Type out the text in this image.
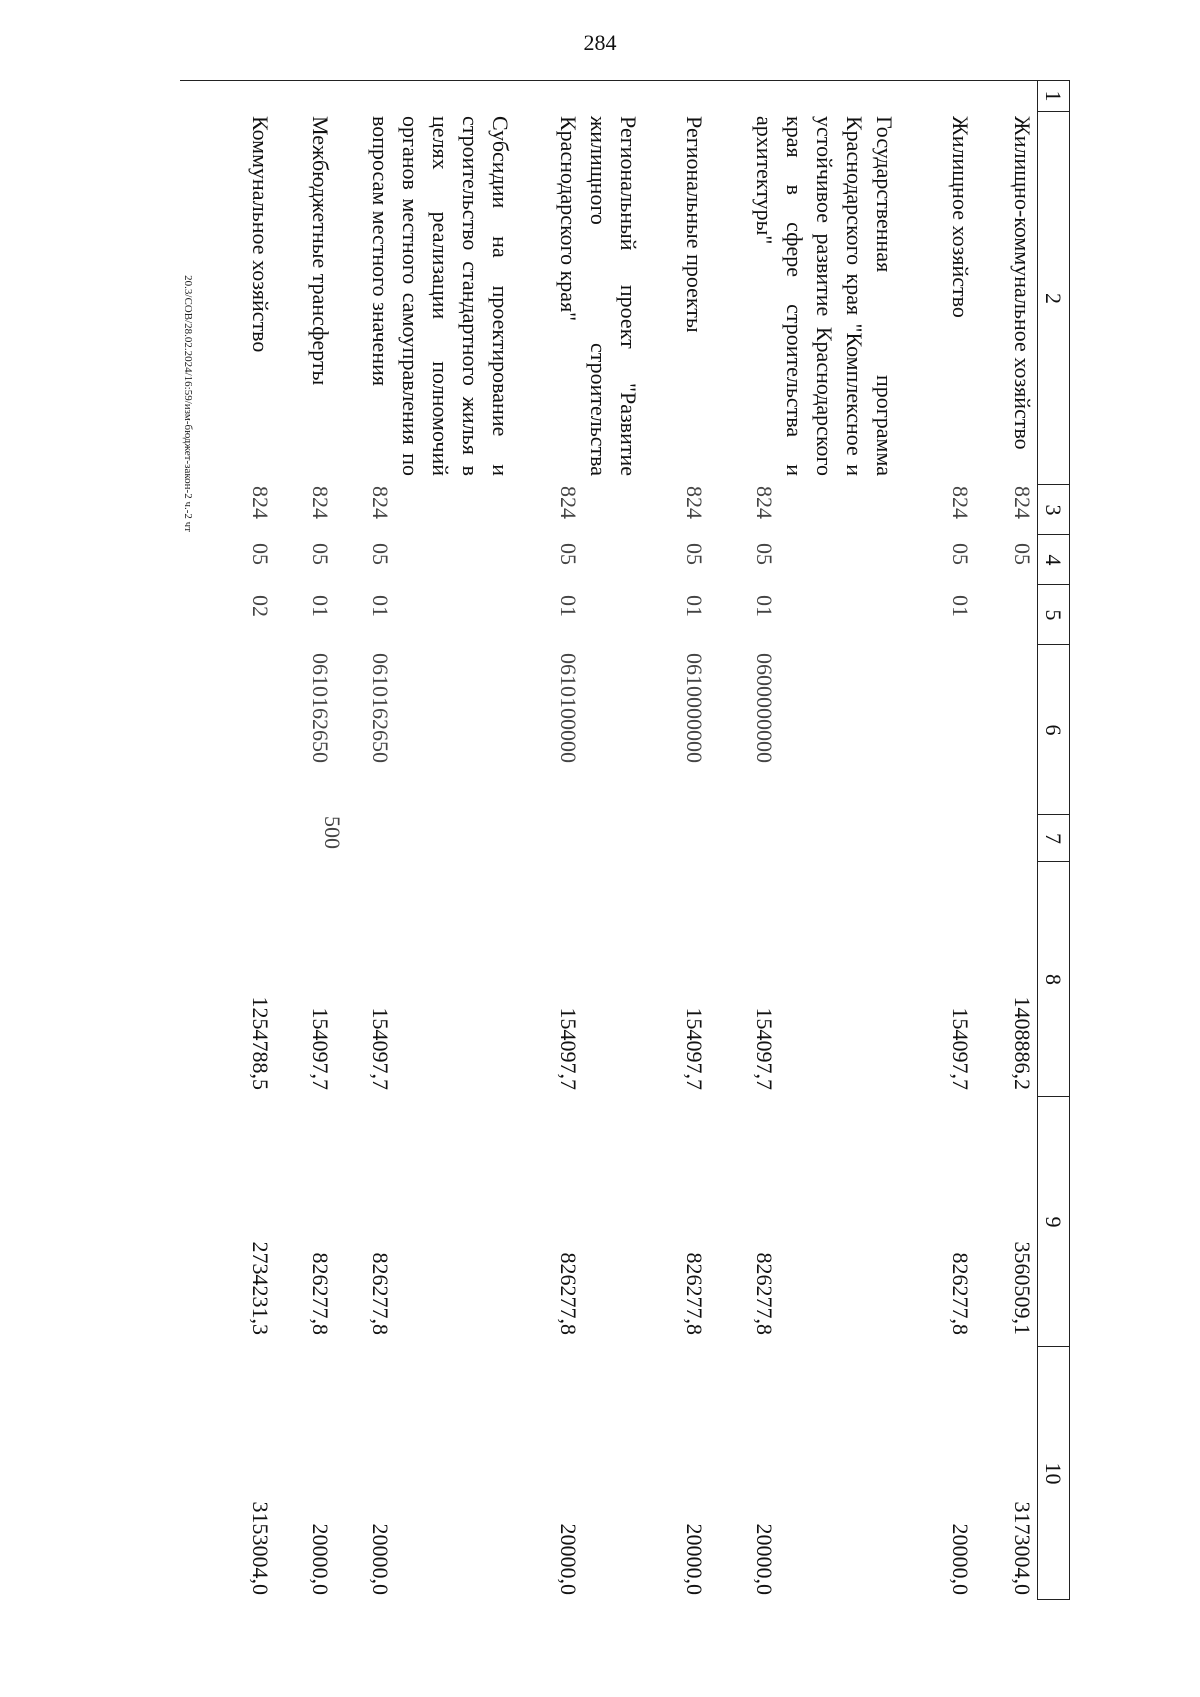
284
1
2
3
4
5
6
7
8
9
10
Жилищно-коммунальное хозяйство
824
05
1408886,2
3560509,1
3173004,0
Жилищное хозяйство
824
05
01
154097,7
826277,8
20000,0
Государственная программа Краснодарского края "Комплексное и устойчивое развитие Краснодарского края в сфере строительства и архитектуры"
824
05
01
0600000000
154097,7
826277,8
20000,0
Региональные проекты
824
05
01
0610000000
154097,7
826277,8
20000,0
Региональный проект "Развитие жилищного строительства Краснодарского края"
824
05
01
0610100000
154097,7
826277,8
20000,0
Субсидии на проектирование и строительство стандартного жилья в целях реализации полномочий органов местного самоуправления по вопросам местного значения
824
05
01
0610162650
154097,7
826277,8
20000,0
Межбюджетные трансферты
824
05
01
0610162650
500
154097,7
826277,8
20000,0
Коммунальное хозяйство
824
05
02
1254788,5
2734231,3
3153004,0
20.3/СОВ/28.02.2024/16:59/изм-бюджет-закон-2 ч.-2 чт
